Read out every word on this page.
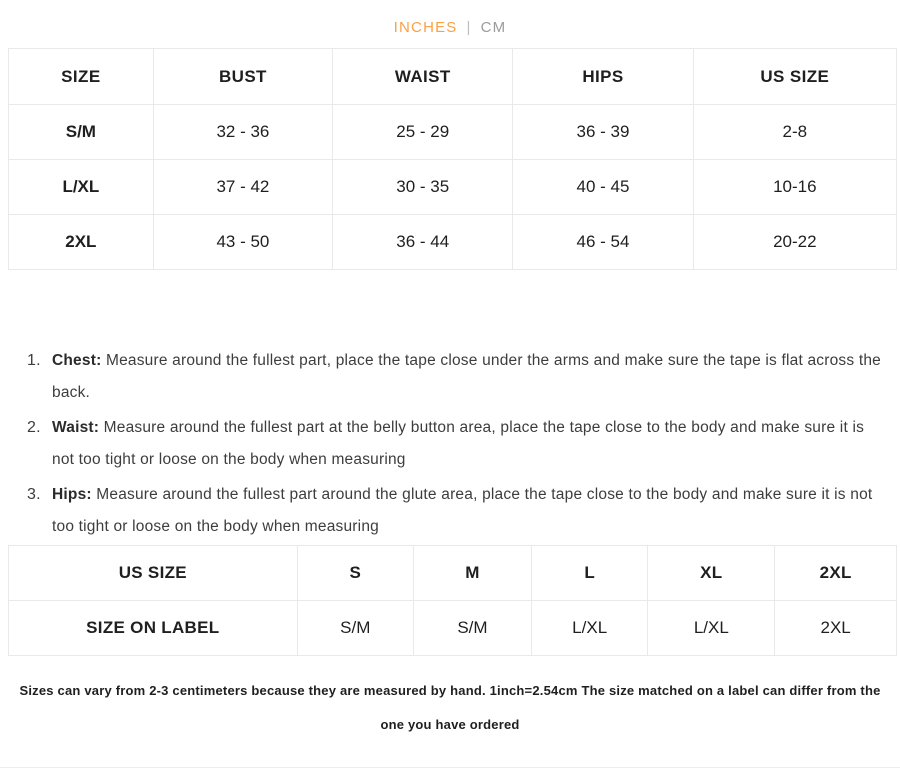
INCHES | CM
SIZE	BUST	WAIST	HIPS	US SIZE
S/M	32 - 36	25 - 29	36 - 39	2-8
L/XL	37 - 42	30 - 35	40 - 45	10-16
2XL	43 - 50	36 - 44	46 - 54	20-22
1. Chest: Measure around the fullest part, place the tape close under the arms and make sure the tape is flat across the back.
2. Waist: Measure around the fullest part at the belly button area, place the tape close to the body and make sure it is not too tight or loose on the body when measuring
3. Hips: Measure around the fullest part around the glute area, place the tape close to the body and make sure it is not too tight or loose on the body when measuring
US SIZE	S	M	L	XL	2XL
SIZE ON LABEL	S/M	S/M	L/XL	L/XL	2XL
Sizes can vary from 2-3 centimeters because they are measured by hand. 1inch=2.54cm The size matched on a label can differ from the one you have ordered
